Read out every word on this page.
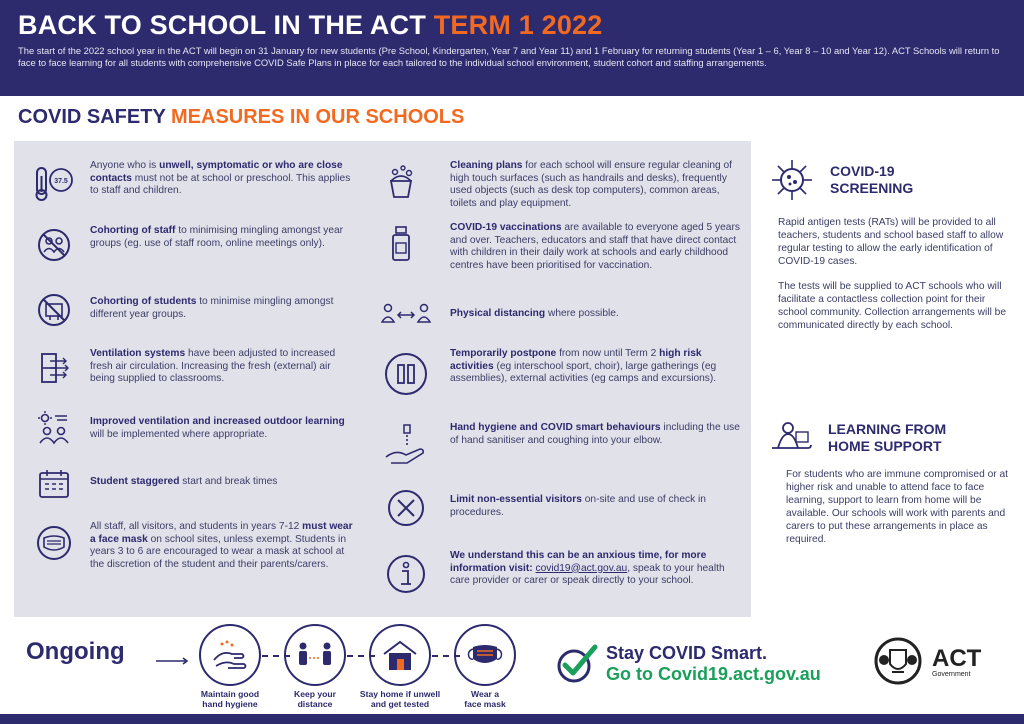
BACK TO SCHOOL IN THE ACT TERM 1 2022

The start of the 2022 school year in the ACT will begin on 31 January for new students (Pre School, Kindergarten, Year 7 and Year 11) and 1 February for returning students (Year 1 – 6, Year 8 – 10 and Year 12). ACT Schools will return to face to face learning for all students with comprehensive COVID Safe Plans in place for each tailored to the individual school environment, student cohort and staffing arrangements.

COVID SAFETY MEASURES IN OUR SCHOOLS
37.5
Anyone who is unwell, symptomatic or who are close contacts must not be at school or preschool. This applies to staff and children.
Cohorting of staff to minimising mingling amongst year groups (eg. use of staff room, online meetings only).
Cohorting of students to minimise mingling amongst different year groups.
Ventilation systems have been adjusted to increased fresh air circulation. Increasing the fresh (external) air being supplied to classrooms.
Improved ventilation and increased outdoor learning will be implemented where appropriate.
Student staggered start and break times
All staff, all visitors, and students in years 7-12 must wear a face mask on school sites, unless exempt. Students in years 3 to 6 are encouraged to wear a mask at school at the discretion of the student and their parents/carers.
Cleaning plans for each school will ensure regular cleaning of high touch surfaces (such as handrails and desks), frequently used objects (such as desk top computers), common areas, toilets and play equipment.
COVID-19 vaccinations are available to everyone aged 5 years and over. Teachers, educators and staff that have direct contact with children in their daily work at schools and early childhood centres have been prioritised for vaccination.
Physical distancing where possible.
Temporarily postpone from now until Term 2 high risk activities (eg interschool sport, choir), large gatherings (eg assemblies), external activities (eg camps and excursions).
Hand hygiene and COVID smart behaviours including the use of hand sanitiser and coughing into your elbow.
Limit non-essential visitors on-site and use of check in procedures.
We understand this can be an anxious time, for more information visit: covid19@act.gov.au, speak to your health care provider or carer or speak directly to your school.
COVID-19
SCREENING

Rapid antigen tests (RATs) will be provided to all teachers, students and school based staff to allow regular testing to allow the early identification of COVID-19 cases.

The tests will be supplied to ACT schools who will facilitate a contactless collection point for their school community. Collection arrangements will be communicated directly by each school.

LEARNING FROM
HOME SUPPORT

For students who are immune compromised or at higher risk and unable to attend face to face learning, support to learn from home will be available. Our schools will work with parents and carers to put these arrangements in place as required.

Ongoing
Maintain good
hand hygiene
Keep your
distance
Stay home if unwell
and get tested
Wear a
face mask
Stay COVID Smart.
Go to Covid19.act.gov.au
ACT
Government
